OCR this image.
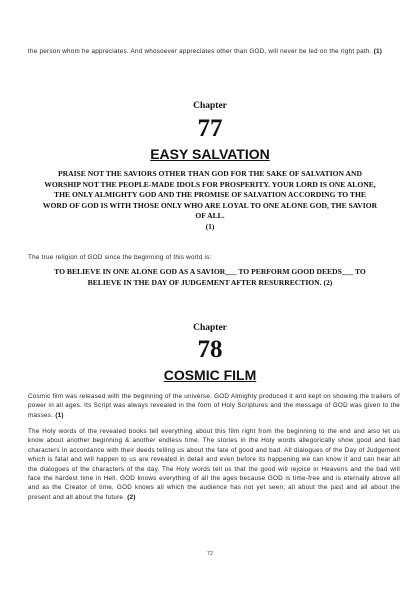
the person whom he appreciates. And whosoever appreciates other than GOD, will never be led on the right path. (1)

Chapter

77

EASY SALVATION

PRAISE NOT THE SAVIORS OTHER THAN GOD FOR THE SAKE OF SALVATION AND WORSHIP NOT THE PEOPLE-MADE IDOLS FOR PROSPERITY. YOUR LORD IS ONE ALONE, THE ONLY ALMIGHTY GOD AND THE PROMISE OF SALVATION ACCORDING TO THE WORD OF GOD IS WITH THOSE ONLY WHO ARE LOYAL TO ONE ALONE GOD, THE SAVIOR OF ALL.
(1)

The true religion of GOD since the beginning of this world is:

TO BELIEVE IN ONE ALONE GOD AS A SAVIOR___ TO PERFORM GOOD DEEDS___ TO BELIEVE IN THE DAY OF JUDGEMENT AFTER RESURRECTION. (2)

Chapter

78

COSMIC FILM

Cosmic film was released with the beginning of the universe. GOD Almighty produced it and kept on showing the trailers of power in all ages. Its Script was always revealed in the form of Holy Scriptures and the message of GOD was given to the masses. (1)

The Holy words of the revealed books tell everything about this film right from the beginning to the end and also let us know about another beginning & another endless time. The stories in the Holy words allegorically show good and bad characters in accordance with their deeds telling us about the fate of good and bad. All dialogues of the Day of Judgement which is fatal and will happen to us are revealed in detail and even before its happening we can know it and can hear all the dialogues of the characters of the day. The Holy words tell us that the good will rejoice in Heavens and the bad will face the hardest time in Hell. GOD knows everything of all the ages because GOD is time-free and is eternally above all and as the Creator of time, GOD knows all which the audience has not yet seen; all about the past and all about the present and all about the future. (2)

72
